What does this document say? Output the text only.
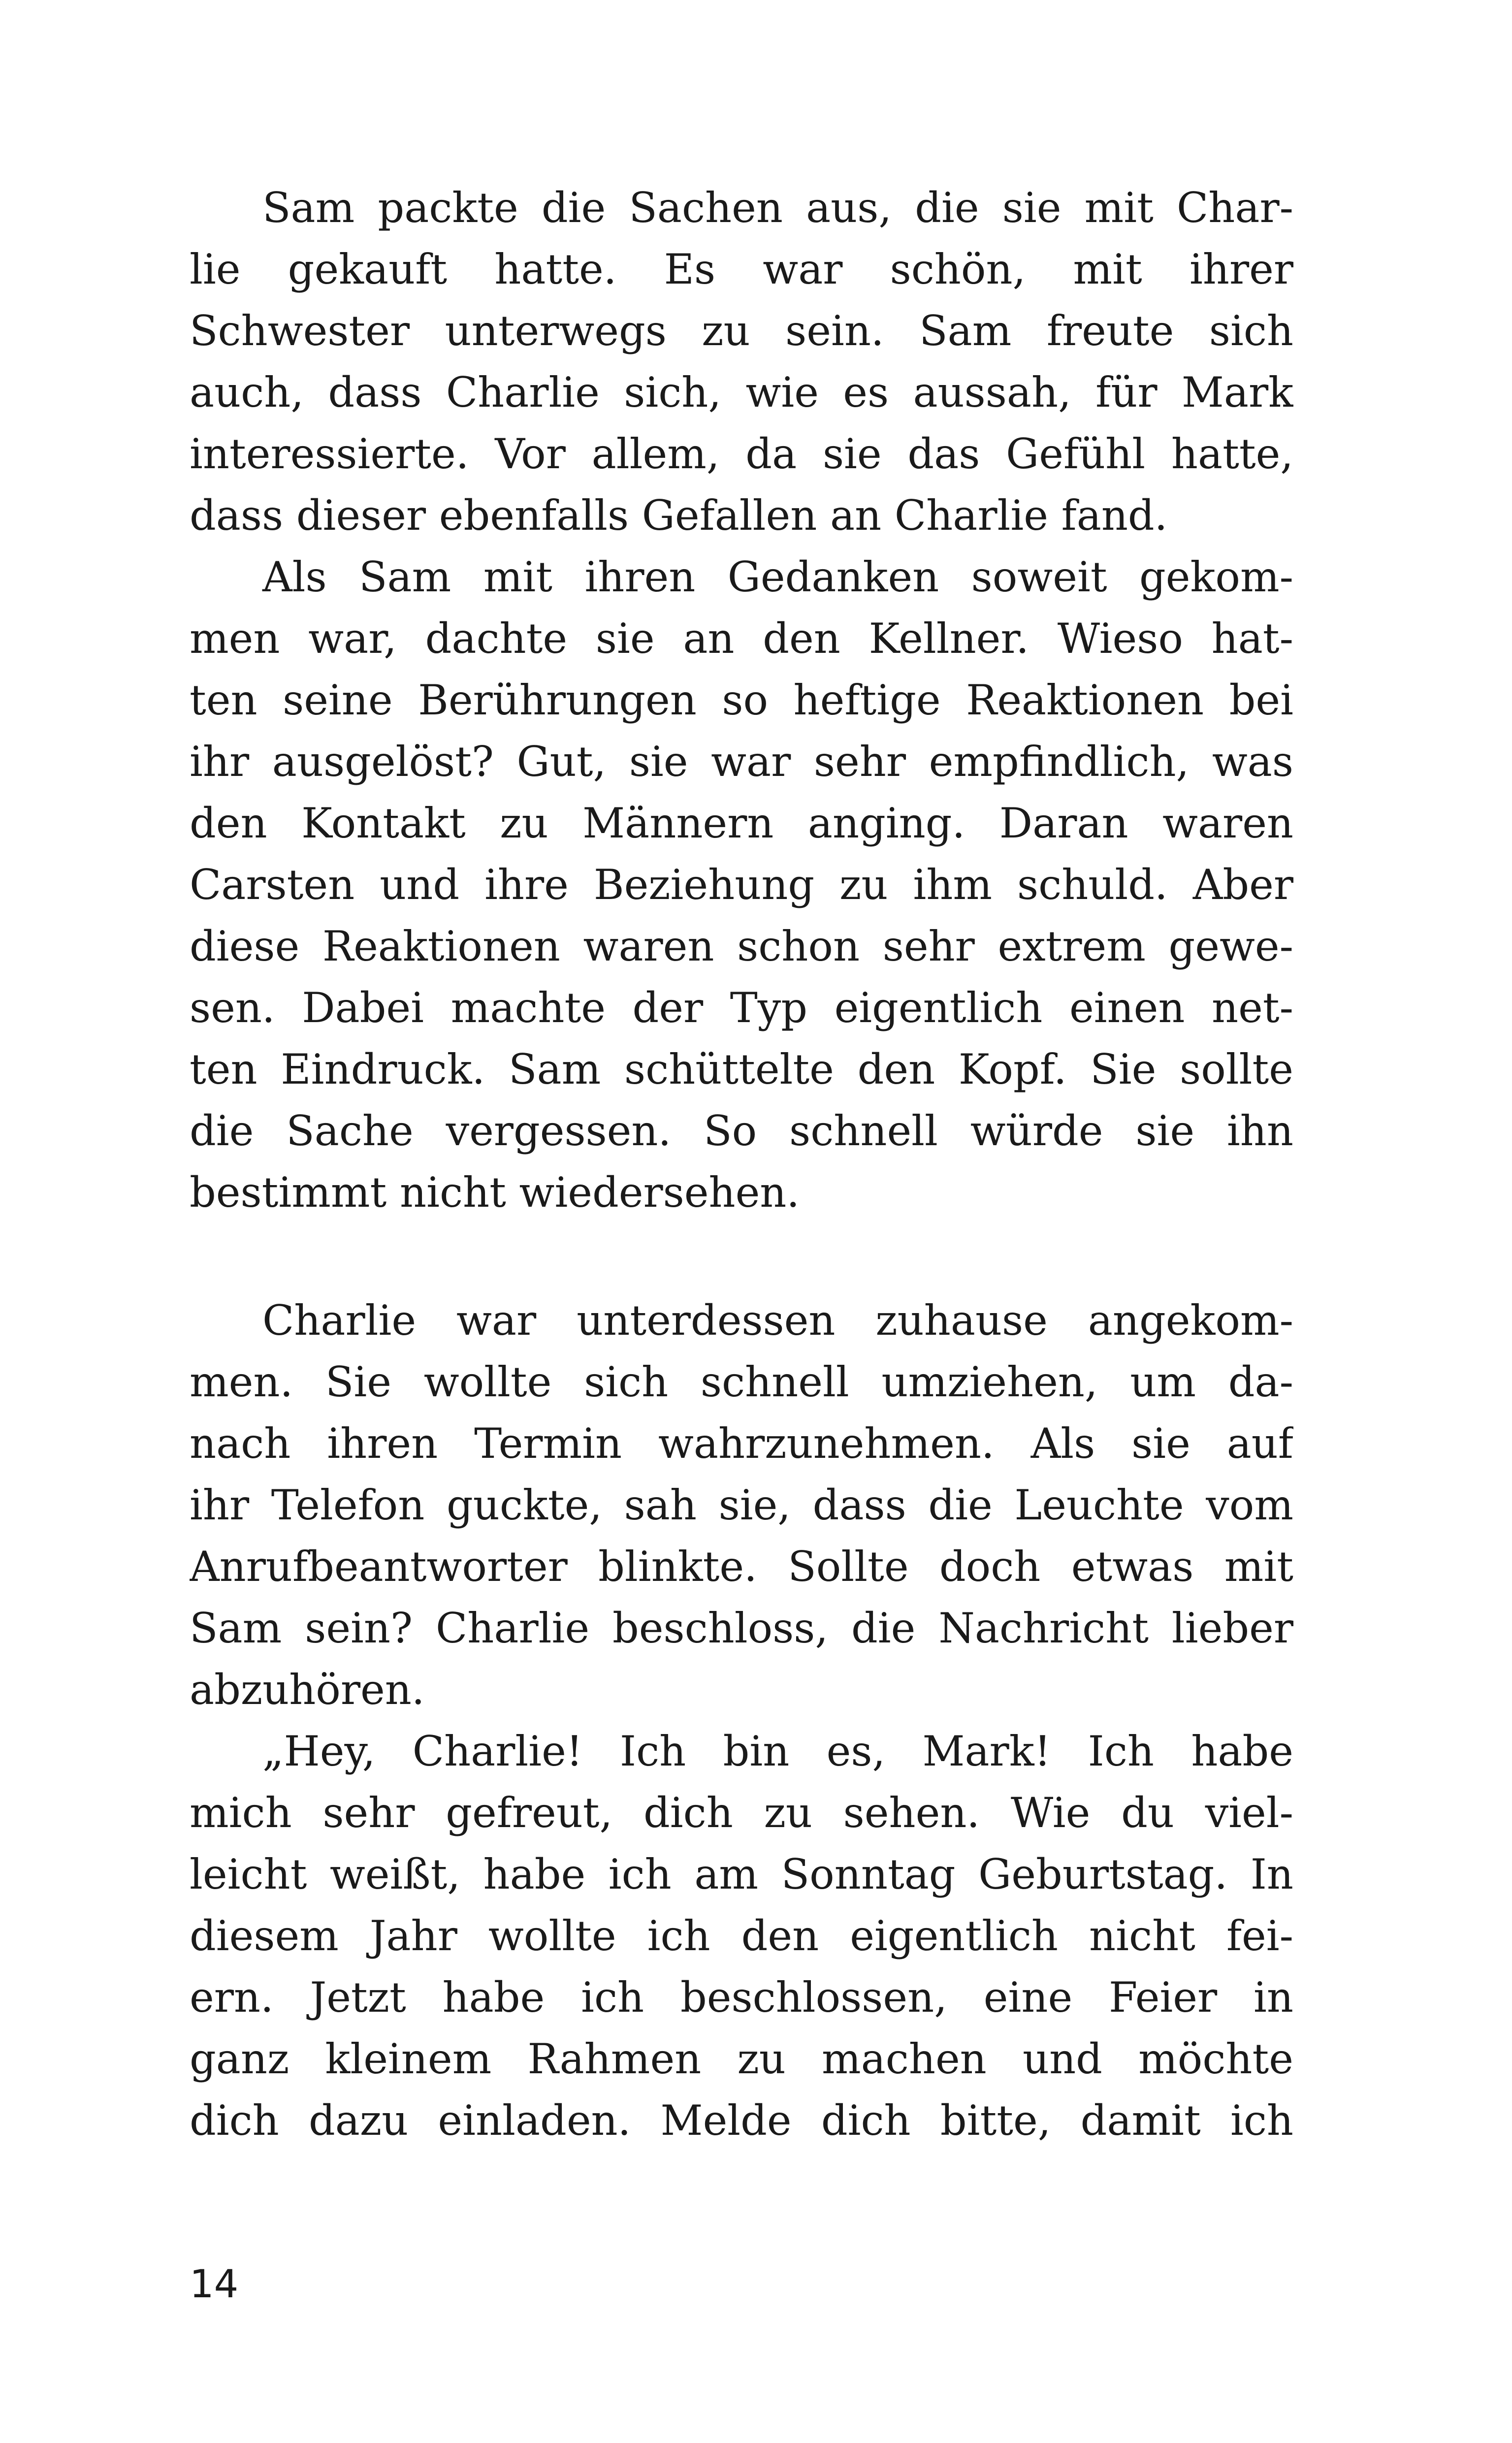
Sam packte die Sachen aus, die sie mit Char-
lie gekauft hatte. Es war schön, mit ihrer
Schwester unterwegs zu sein. Sam freute sich
auch, dass Charlie sich, wie es aussah, für Mark
interessierte. Vor allem, da sie das Gefühl hatte,
dass dieser ebenfalls Gefallen an Charlie fand.
Als Sam mit ihren Gedanken soweit gekom-
men war, dachte sie an den Kellner. Wieso hat-
ten seine Berührungen so heftige Reaktionen bei
ihr ausgelöst? Gut, sie war sehr empfindlich, was
den Kontakt zu Männern anging. Daran waren
Carsten und ihre Beziehung zu ihm schuld. Aber
diese Reaktionen waren schon sehr extrem gewe-
sen. Dabei machte der Typ eigentlich einen net-
ten Eindruck. Sam schüttelte den Kopf. Sie sollte
die Sache vergessen. So schnell würde sie ihn
bestimmt nicht wiedersehen.
Charlie war unterdessen zuhause angekom-
men. Sie wollte sich schnell umziehen, um da-
nach ihren Termin wahrzunehmen. Als sie auf
ihr Telefon guckte, sah sie, dass die Leuchte vom
Anrufbeantworter blinkte. Sollte doch etwas mit
Sam sein? Charlie beschloss, die Nachricht lieber
abzuhören.
„Hey, Charlie! Ich bin es, Mark! Ich habe
mich sehr gefreut, dich zu sehen. Wie du viel-
leicht weißt, habe ich am Sonntag Geburtstag. In
diesem Jahr wollte ich den eigentlich nicht fei-
ern. Jetzt habe ich beschlossen, eine Feier in
ganz kleinem Rahmen zu machen und möchte
dich dazu einladen. Melde dich bitte, damit ich
14
